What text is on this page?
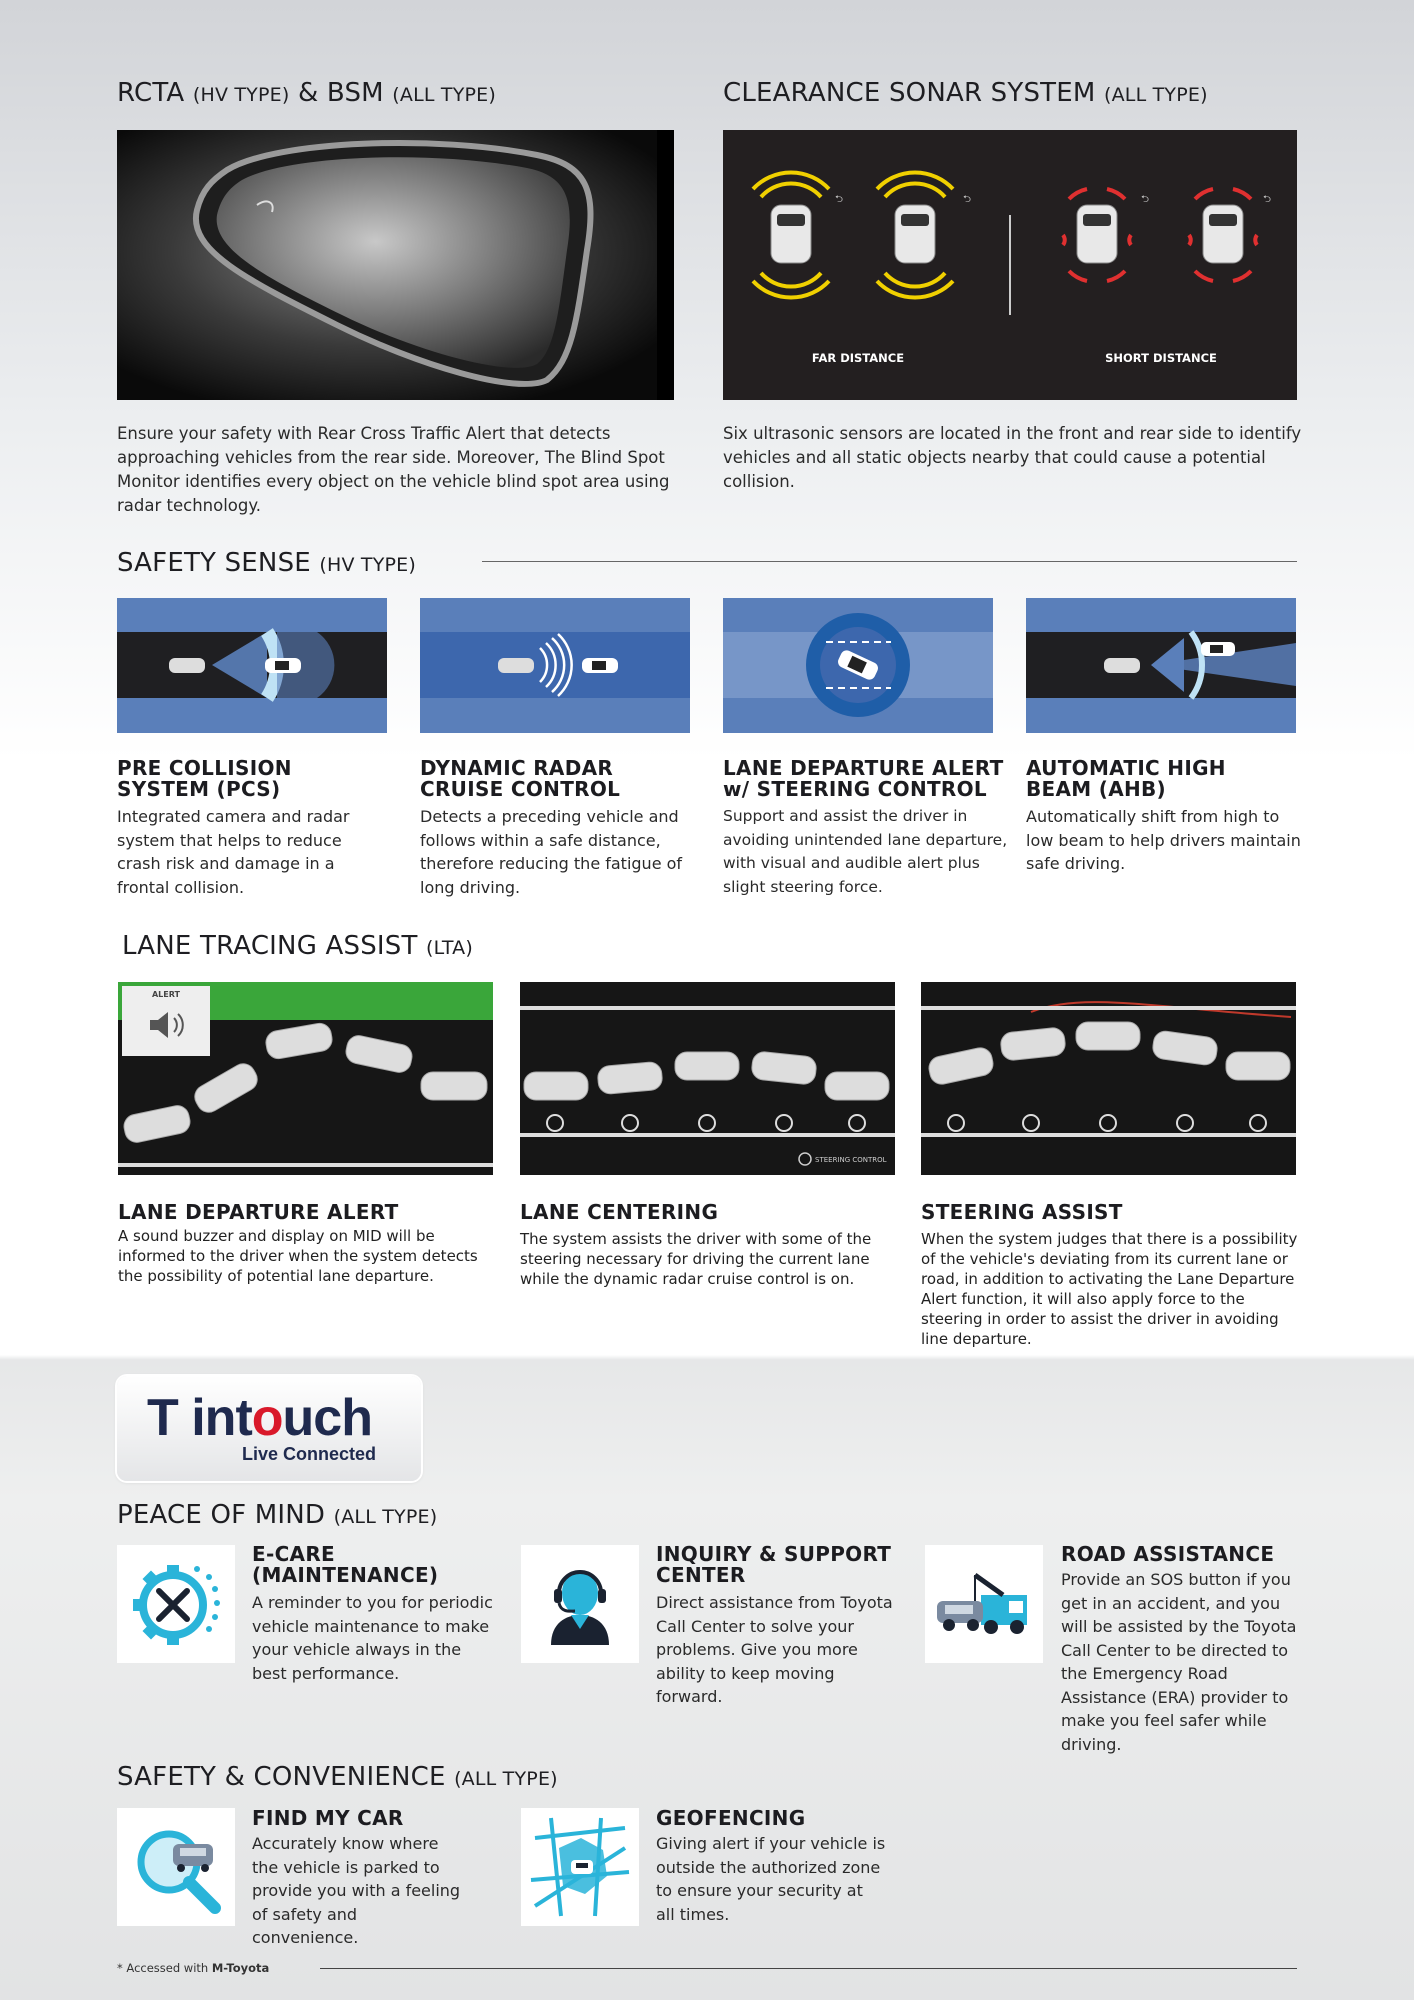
RCTA (HV TYPE) & BSM (ALL TYPE)
Ensure your safety with Rear Cross Traffic Alert that detects approaching vehicles from the rear side. Moreover, The Blind Spot Monitor identifies every object on the vehicle blind spot area using radar technology.
CLEARANCE SONAR SYSTEM (ALL TYPE)
⮌	⮌	⮌	⮌
FAR DISTANCE	SHORT DISTANCE
Six ultrasonic sensors are located in the front and rear side to identify vehicles and all static objects nearby that could cause a potential collision.
SAFETY SENSE (HV TYPE)
PRE COLLISION SYSTEM (PCS)
Integrated camera and radar system that helps to reduce crash risk and damage in a frontal collision.
DYNAMIC RADAR CRUISE CONTROL
Detects a preceding vehicle and follows within a safe distance, therefore reducing the fatigue of long driving.
LANE DEPARTURE ALERT w/ STEERING CONTROL
Support and assist the driver in avoiding unintended lane departure, with visual and audible alert plus slight steering force.
AUTOMATIC HIGH BEAM (AHB)
Automatically shift from high to low beam to help drivers maintain safe driving.
LANE TRACING ASSIST (LTA)
ALERT
STEERING CONTROL
LANE DEPARTURE ALERT
A sound buzzer and display on MID will be informed to the driver when the system detects the possibility of potential lane departure.
LANE CENTERING
The system assists the driver with some of the steering necessary for driving the current lane while the dynamic radar cruise control is on.
STEERING ASSIST
When the system judges that there is a possibility of the vehicle's deviating from its current lane or road, in addition to activating the Lane Departure Alert function, it will also apply force to the steering in order to assist the driver in avoiding line departure.
T intouch
Live Connected
PEACE OF MIND (ALL TYPE)
E-CARE (MAINTENANCE)
A reminder to you for periodic vehicle maintenance to make your vehicle always in the best performance.
INQUIRY & SUPPORT CENTER
Direct assistance from Toyota Call Center to solve your problems. Give you more ability to keep moving forward.
ROAD ASSISTANCE
Provide an SOS button if you get in an accident, and you will be assisted by the Toyota Call Center to be directed to the Emergency Road Assistance (ERA) provider to make you feel safer while driving.
SAFETY & CONVENIENCE (ALL TYPE)
FIND MY CAR
Accurately know where the vehicle is parked to provide you with a feeling of safety and convenience.
GEOFENCING
Giving alert if your vehicle is outside the authorized zone to ensure your security at all times.
* Accessed with M-Toyota
